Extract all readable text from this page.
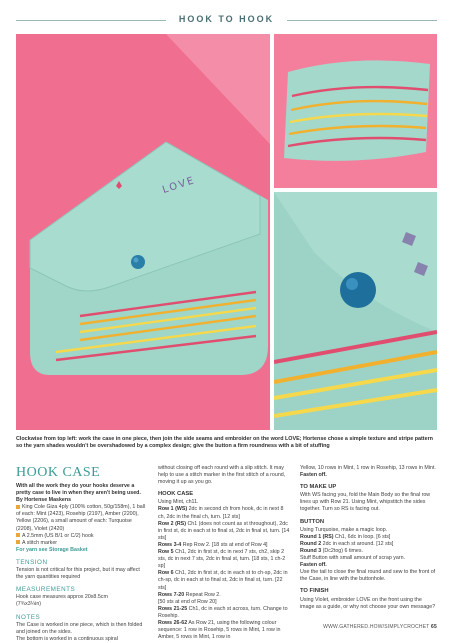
HOOK TO HOOK
LOVE
Clockwise from top left: work the case in one piece, then join the side seams and embroider on the word LOVE; Hortense chose a simple texture and stripe pattern so the yarn shades wouldn't be overshadowed by a complex design; give the button a firm roundness with a bit of stuffing
HOOK CASE
With all the work they do your hooks deserve a pretty case to live in when they aren't being used. By Hortense Maskens
King Cole Giza 4ply (100% cotton, 50g/158m), 1 ball of each: Mint (2423), Rosehip (2197), Amber (2200), Yellow (2206), a small amount of each: Turquoise (2208), Violet (2420)
A 2.5mm (US B/1 or C/2) hook
A stitch marker
For yarn see Storage Basket
TENSION
Tension is not critical for this project, but it may affect the yarn quantities required
MEASUREMENTS
Hook case measures approx 20x8.5cm
(7¾x3¼in)
NOTES
The Case is worked in one piece, which is then folded and joined on the sides.
The bottom is worked in a continuous spiral
without closing off each round with a slip stitch. It may help to use a stitch marker in the first stitch of a round, moving it up as you go.
HOOK CASE
Using Mint, ch11.
Row 1 (WS) 2dc in second ch from hook, dc in next 8 ch, 2dc in the final ch, turn. [12 sts]
Row 2 (RS) Ch1 (does not count as st throughout), 2dc in first st, dc in each st to final st, 2dc in final st, turn. [14 sts]
Rows 3-4 Rep Row 2. [18 sts at end of Row 4]
Row 5 Ch1, 2dc in first st, dc in next 7 sts, ch2, skip 2 sts, dc in next 7 sts, 2dc in final st, turn. [18 sts, 1 ch-2 sp]
Row 6 Ch1, 2dc in first st, dc in each st to ch-sp, 2dc in ch-sp, dc in each st to final st, 2dc in final st, turn. [22 sts]
Rows 7-20 Repeat Row 2.
[50 sts at end of Row 20]
Rows 21-25 Ch1, dc in each st across, turn. Change to Rosehip.
Rows 26-62 As Row 21, using the following colour sequence: 1 row in Rosehip, 5 rows in Mint, 1 row in Amber, 5 rows in Mint, 1 row in
Yellow, 10 rows in Mint, 1 row in Rosehip, 13 rows in Mint.
Fasten off.
TO MAKE UP
With WS facing you, fold the Main Body so the final row lines up with Row 21. Using Mint, whipstitch the sides together. Turn so RS is facing out.
BUTTON
Using Turquoise, make a magic loop.
Round 1 (RS) Ch1, 6dc in loop. [6 sts]
Round 2 2dc in each st around. [12 sts]
Round 3 (Dc2tog) 6 times.
Stuff Button with small amount of scrap yarn.
Fasten off.
Use the tail to close the final round and sew to the front of the Case, in line with the buttonhole.
TO FINISH
Using Violet, embroider LOVE on the front using the image as a guide, or why not choose your own message?
WWW.GATHERED.HOW/SIMPLYCROCHET 65
